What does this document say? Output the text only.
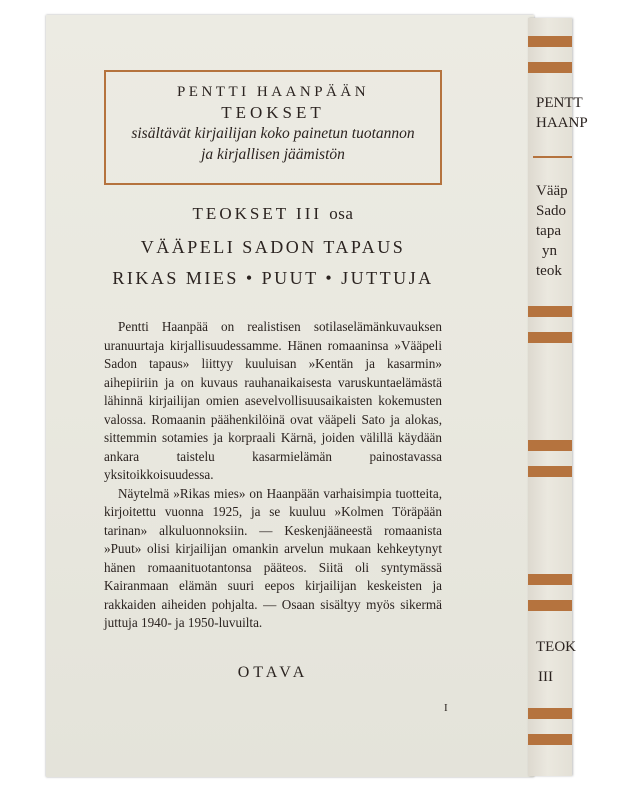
PENTTI HAANPÄÄN
TEOKSET
sisältävät kirjailijan koko painetun tuotannon
ja kirjallisen jäämistön
TEOKSET III osa
VÄÄPELI SADON TAPAUS
RIKAS MIES • PUUT • JUTTUJA

Pentti Haanpää on realistisen sotilaselämänkuvauksen uranuurtaja kirjallisuudessamme. Hänen romaaninsa »Vääpeli Sadon tapaus» liittyy kuuluisan »Kentän ja kasarmin» aihepiiriin ja on kuvaus rauhanaikaisesta varuskuntaelämästä lähinnä kirjailijan omien asevelvollisuusaikaisten kokemusten valossa. Romaanin päähenkilöinä ovat vääpeli Sato ja alokas, sittemmin sotamies ja korpraali Kärnä, joiden välillä käydään ankara taistelu kasarmielämän painostavassa yksitoikkoisuudessa.

Näytelmä »Rikas mies» on Haanpään varhaisimpia tuotteita, kirjoitettu vuonna 1925, ja se kuuluu »Kolmen Töräpään tarinan» alkuluonnoksiin. — Keskenjääneestä romaanista »Puut» olisi kirjailijan omankin arvelun mukaan kehkeytynyt hänen romaanituotantonsa pääteos. Siitä oli syntymässä Kairanmaan elämän suuri eepos kirjailijan keskeisten ja rakkaiden aiheiden pohjalta. — Osaan sisältyy myös sikermä juttuja 1940- ja 1950-luvuilta.

OTAVA
I
PENTT
HAANP
Vääp
Sado
tapa
yn
teok
TEOK
III
